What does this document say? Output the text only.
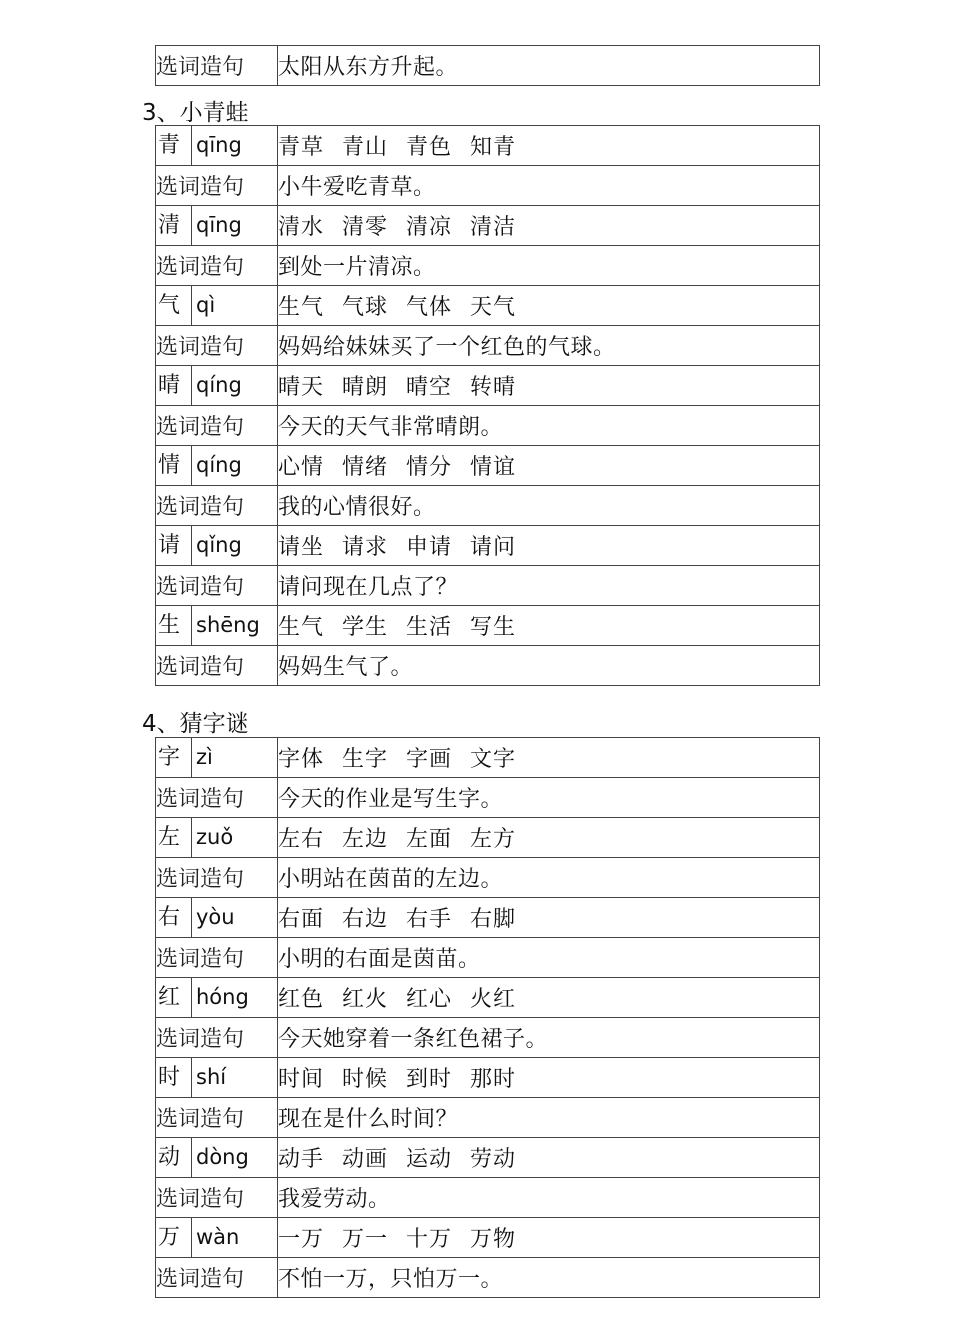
选词造句	太阳从东方升起。
3、小青蛙
青 qīng	青草 青山 青色 知青
选词造句	小牛爱吃青草。
清 qīng	清水 清零 清凉 清洁
选词造句	到处一片清凉。
气 qì	生气 气球 气体 天气
选词造句	妈妈给妹妹买了一个红色的气球。
晴 qíng	晴天 晴朗 晴空 转晴
选词造句	今天的天气非常晴朗。
情 qíng	心情 情绪 情分 情谊
选词造句	我的心情很好。
请 qǐng	请坐 请求 申请 请问
选词造句	请问现在几点了？
生 shēng	生气 学生 生活 写生
选词造句	妈妈生气了。
4、猜字谜
字 zì	字体 生字 字画 文字
选词造句	今天的作业是写生字。
左 zuǒ	左右 左边 左面 左方
选词造句	小明站在茵苗的左边。
右 yòu	右面 右边 右手 右脚
选词造句	小明的右面是茵苗。
红 hóng	红色 红火 红心 火红
选词造句	今天她穿着一条红色裙子。
时 shí	时间 时候 到时 那时
选词造句	现在是什么时间？
动 dòng	动手 动画 运动 劳动
选词造句	我爱劳动。
万 wàn	一万 万一 十万 万物
选词造句	不怕一万，只怕万一。
